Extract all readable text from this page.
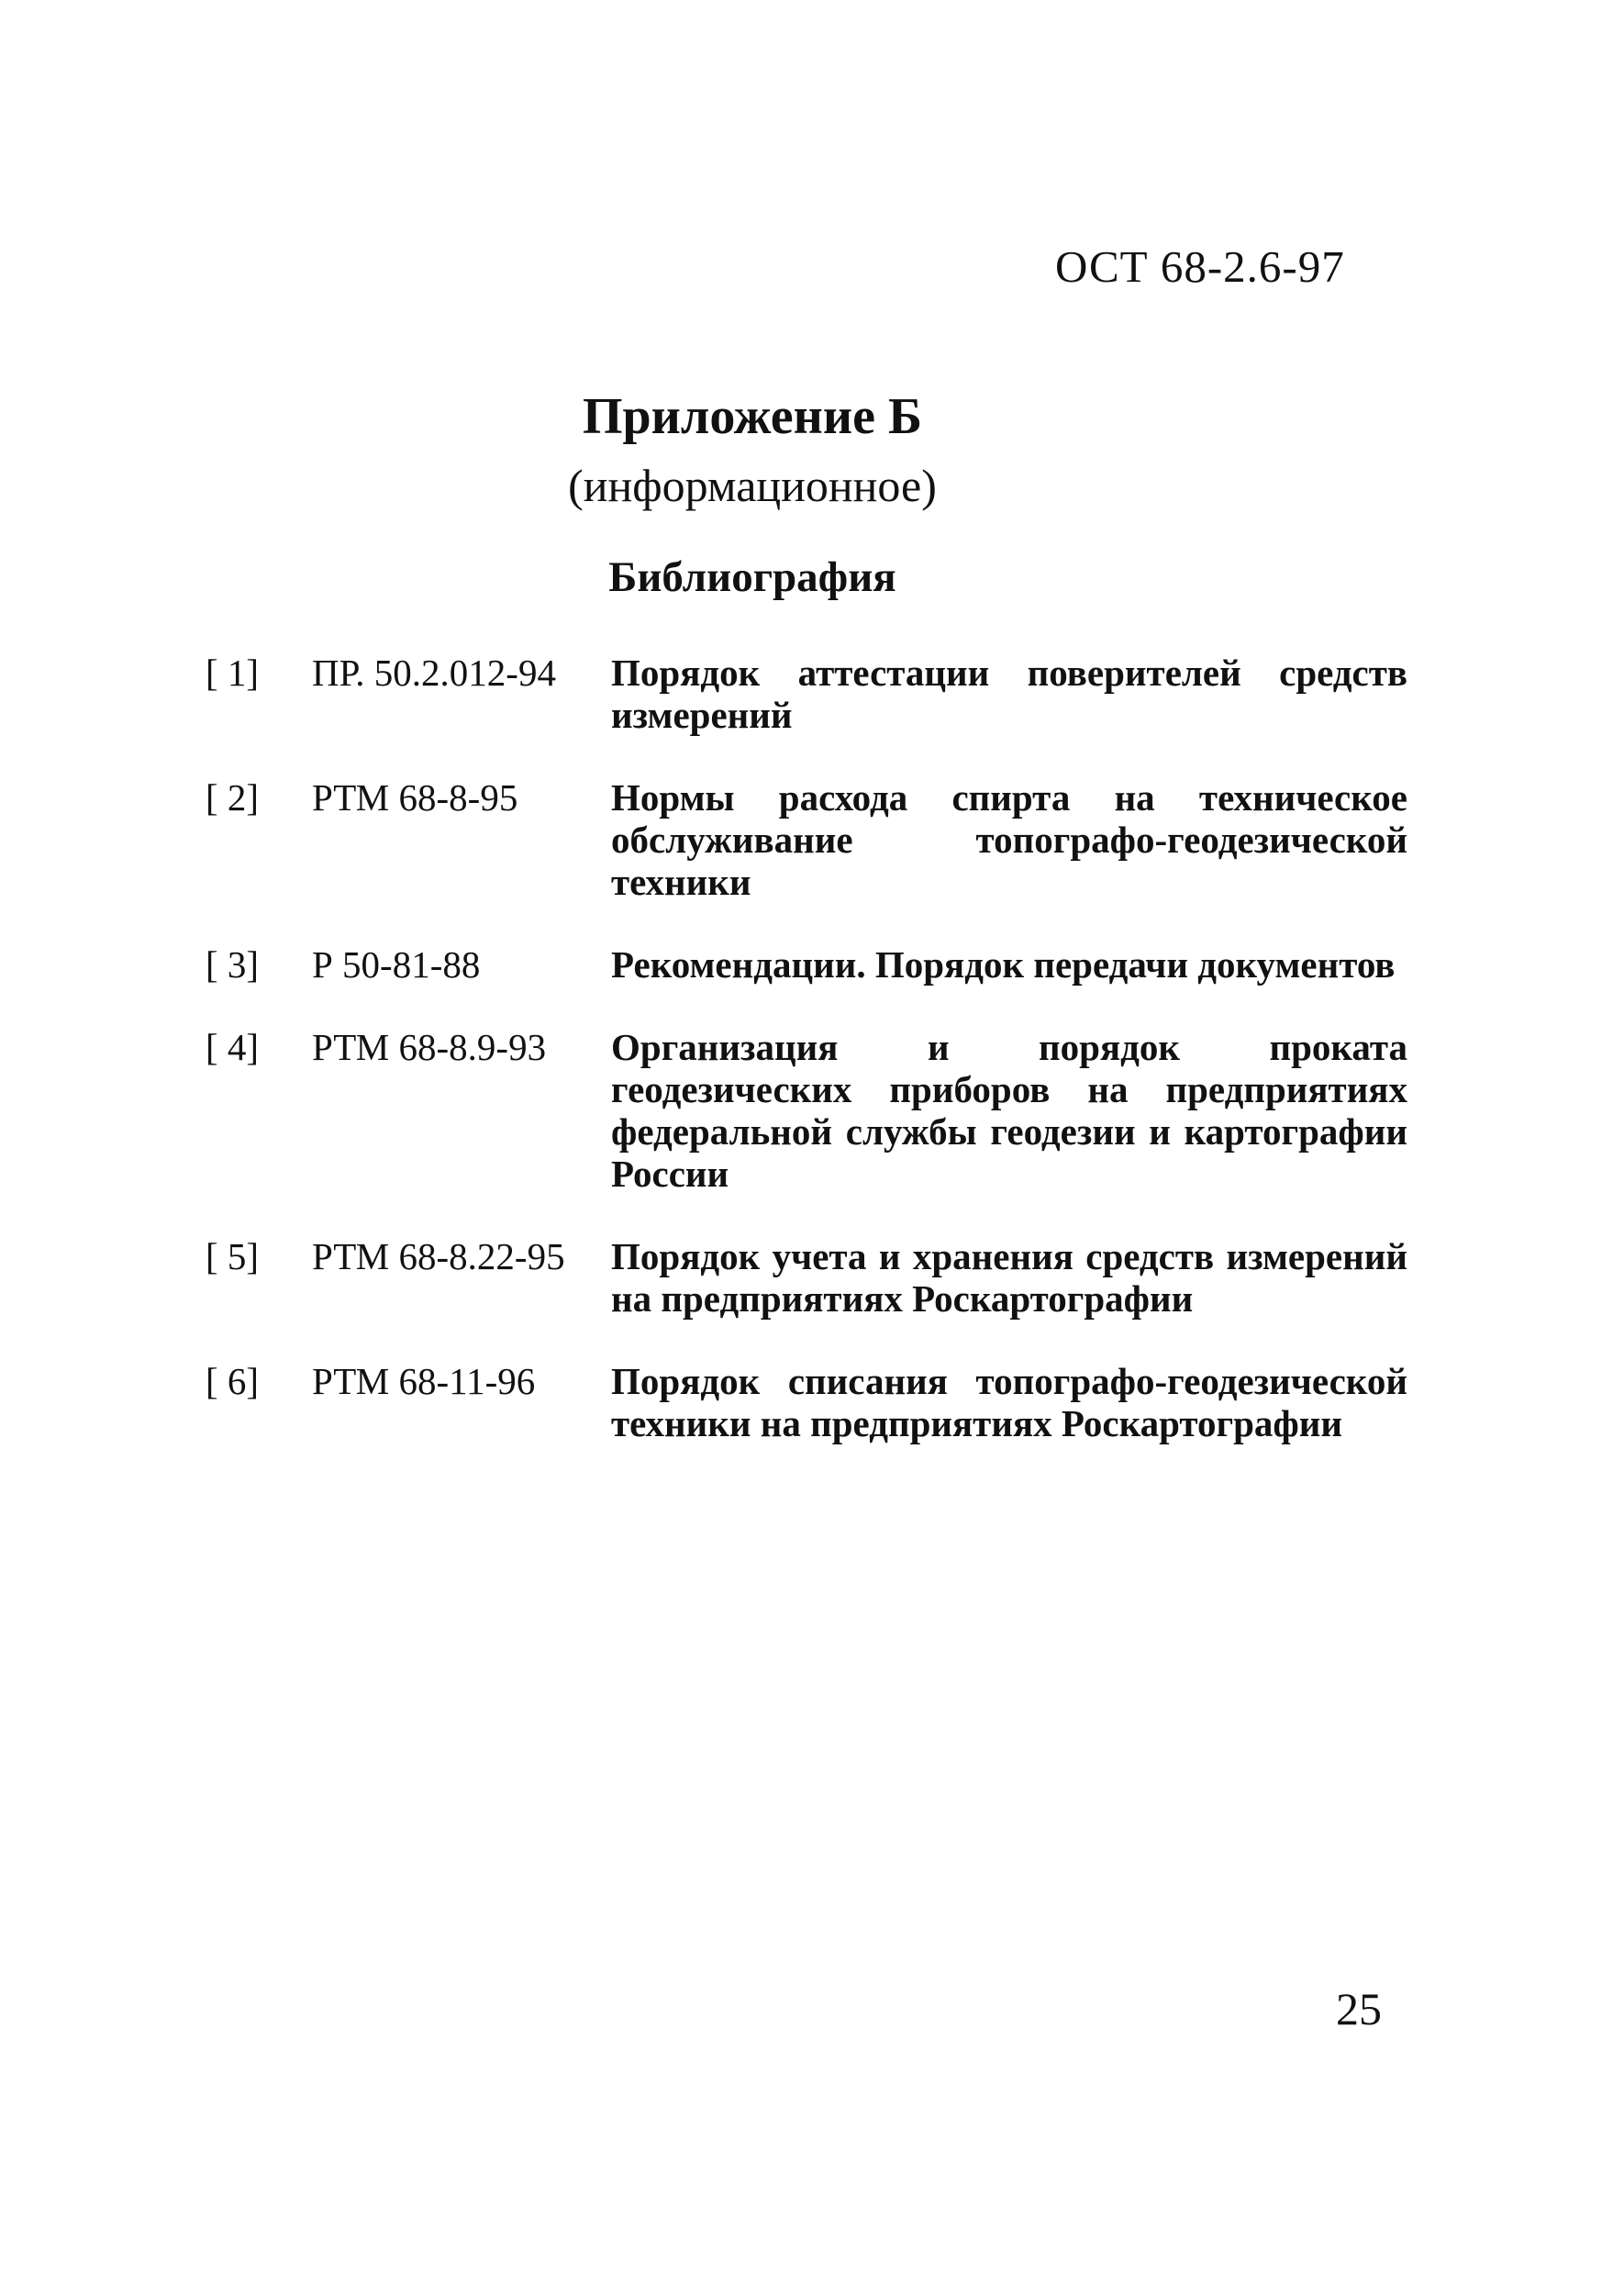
ОСТ 68-2.6-97
Приложение Б
(информационное)
Библиография
[ 1]	ПР. 50.2.012-94	Порядок аттестации поверителей средств измерений
[ 2]	РТМ 68-8-95	Нормы расхода спирта на техническое обслуживание топографо-геодезической техники
[ 3]	Р 50-81-88	Рекомендации. Порядок передачи документов
[ 4]	РТМ 68-8.9-93	Организация и порядок проката геодезических приборов на предприятиях федеральной службы геодезии и картографии России
[ 5]	РТМ 68-8.22-95	Порядок учета и хранения средств измерений на предприятиях Роскартографии
[ 6]	РТМ 68-11-96	Порядок списания топографо-геодезической техники на предприятиях Роскартографии
25
